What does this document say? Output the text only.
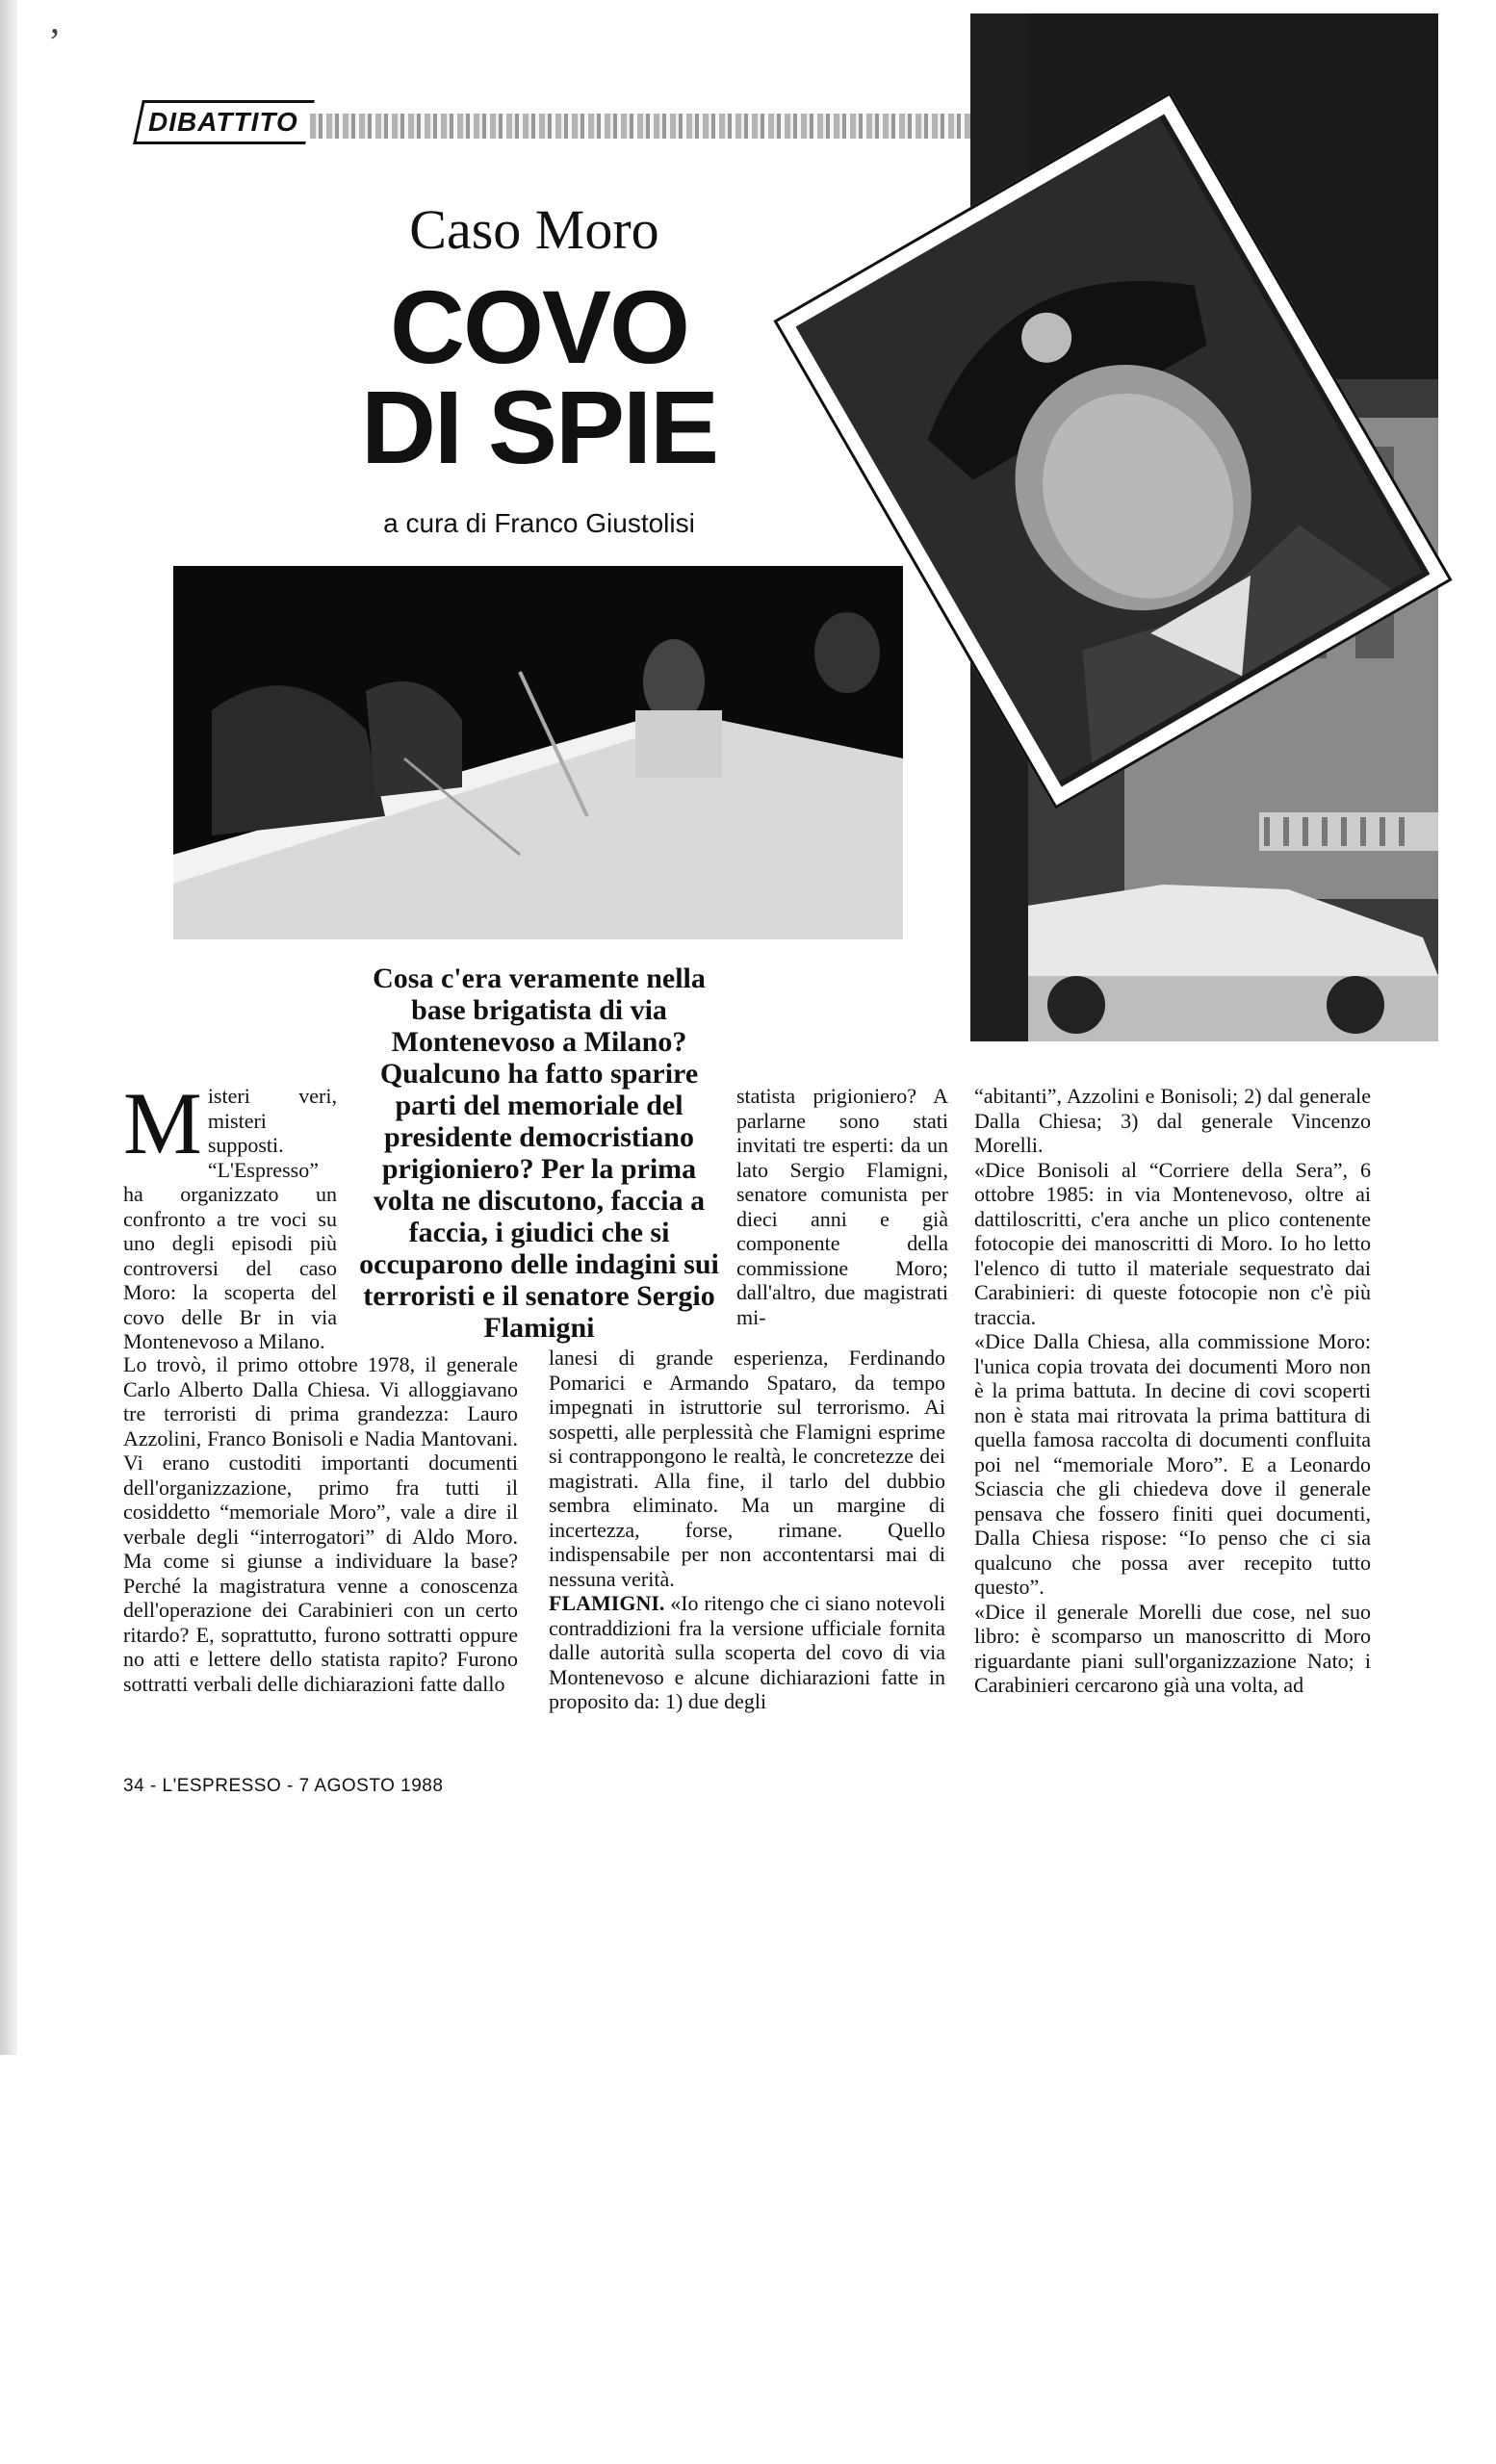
ʼ
DIBATTITO
Caso Moro
COVO
DI SPIE
a cura di Franco Giustolisi
Cosa c'era veramente nella base brigatista di via Montenevoso a Milano? Qualcuno ha fatto sparire parti del memoriale del presidente democristiano prigioniero? Per la prima volta ne discutono, faccia a faccia, i giudici che si occuparono delle indagini sui terroristi e il senatore Sergio Flamigni
Misteri veri, misteri supposti. “L'Espresso” ha organizzato un confronto a tre voci su uno degli episodi più controversi del caso Moro: la scoperta del covo delle Br in via Montenevoso a Milano.

Lo trovò, il primo ottobre 1978, il generale Carlo Alberto Dalla Chiesa. Vi alloggiavano tre terroristi di prima grandezza: Lauro Azzolini, Franco Bonisoli e Nadia Mantovani. Vi erano custoditi importanti documenti dell'organizzazione, primo fra tutti il cosiddetto “memoriale Moro”, vale a dire il verbale degli “interrogatori” di Aldo Moro. Ma come si giunse a individuare la base? Perché la magistratura venne a conoscenza dell'operazione dei Carabinieri con un certo ritardo? E, soprattutto, furono sottratti oppure no atti e lettere dello statista rapito? Furono sottratti verbali delle dichiarazioni fatte dallo

statista prigioniero? A parlarne sono stati invitati tre esperti: da un lato Sergio Flamigni, senatore comunista per dieci anni e già componente della commissione Moro; dall'altro, due magistrati mi-

lanesi di grande esperienza, Ferdinando Pomarici e Armando Spataro, da tempo impegnati in istruttorie sul terrorismo. Ai sospetti, alle perplessità che Flamigni esprime si contrappongono le realtà, le concretezze dei magistrati. Alla fine, il tarlo del dubbio sembra eliminato. Ma un margine di incertezza, forse, rimane. Quello indispensabile per non accontentarsi mai di nessuna verità.

FLAMIGNI. «Io ritengo che ci siano notevoli contraddizioni fra la versione ufficiale fornita dalle autorità sulla scoperta del covo di via Montenevoso e alcune dichiarazioni fatte in proposito da: 1) due degli

“abitanti”, Azzolini e Bonisoli; 2) dal generale Dalla Chiesa; 3) dal generale Vincenzo Morelli.

«Dice Bonisoli al “Corriere della Sera”, 6 ottobre 1985: in via Montenevoso, oltre ai dattiloscritti, c'era anche un plico contenente fotocopie dei manoscritti di Moro. Io ho letto l'elenco di tutto il materiale sequestrato dai Carabinieri: di queste fotocopie non c'è più traccia.

«Dice Dalla Chiesa, alla commissione Moro: l'unica copia trovata dei documenti Moro non è la prima battuta. In decine di covi scoperti non è stata mai ritrovata la prima battitura di quella famosa raccolta di documenti confluita poi nel “memoriale Moro”. E a Leonardo Sciascia che gli chiedeva dove il generale pensava che fossero finiti quei documenti, Dalla Chiesa rispose: “Io penso che ci sia qualcuno che possa aver recepito tutto questo”.

«Dice il generale Morelli due cose, nel suo libro: è scomparso un manoscritto di Moro riguardante piani sull'organizzazione Nato; i Carabinieri cercarono già una volta, ad

34 - L'ESPRESSO - 7 AGOSTO 1988
